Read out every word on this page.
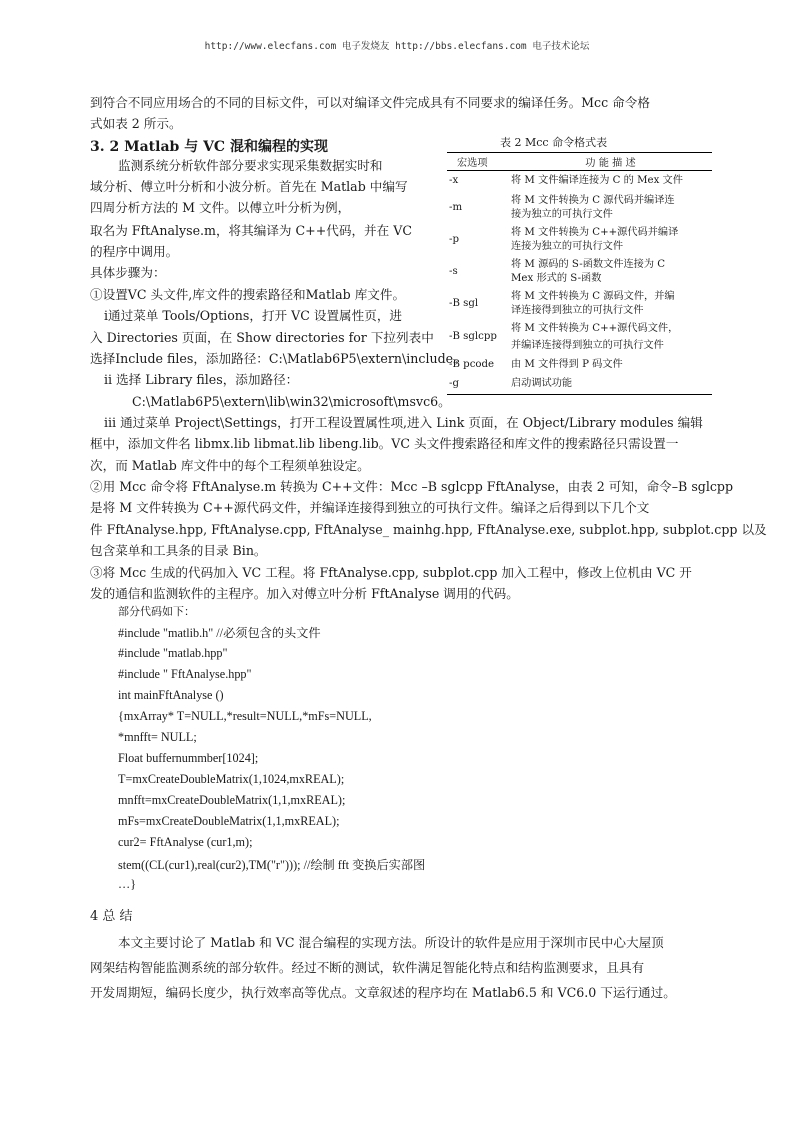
http://www.elecfans.com 电子发烧友 http://bbs.elecfans.com 电子技术论坛
到符合不同应用场合的不同的目标文件，可以对编译文件完成具有不同要求的编译任务。Mcc 命令格
式如表 2 所示。
3. 2 Matlab 与 VC 混和编程的实现
监测系统分析软件部分要求实现采集数据实时和
域分析、傅立叶分析和小波分析。首先在 Matlab 中编写
四周分析方法的 M 文件。以傅立叶分析为例，
取名为 FftAnalyse.m，将其编译为 C++代码，并在 VC
的程序中调用。
具体步骤为：
①设置VC 头文件,库文件的搜索路径和Matlab 库文件。
ⅰ通过菜单 Tools/Options，打开 VC 设置属性页，进
入 Directories 页面，在 Show directories for 下拉列表中
选择Include files，添加路径：C:\Matlab6P5\extern\include。
ⅱ 选择 Library files，添加路径：
C:\Matlab6P5\extern\lib\win32\microsoft\msvc6。
表 2 Mcc 命令格式表
宏选项	功 能 描 述
-x	将 M 文件编译连接为 C 的 Mex 文件
-m	将 M 文件转换为 C 源代码并编译连
接为独立的可执行文件

-p	将 M 文件转换为 C++源代码并编译
连接为独立的可执行文件

-s	将 M 源码的 S-函数文件连接为 C
Mex 形式的 S-函数

-B sgl	将 M 文件转换为 C 源码文件，并编
译连接得到独立的可执行文件

-B sglcpp	将 M 文件转换为 C++源代码文件，
并编译连接得到独立的可执行文件

-B pcode	由 M 文件得到 P 码文件
-g	启动调试功能
ⅲ 通过菜单 Project\Settings，打开工程设置属性项,进入 Link 页面，在 Object/Library modules 编辑
框中，添加文件名 libmx.lib libmat.lib libeng.lib。VC 头文件搜索路径和库文件的搜索路径只需设置一
次，而 Matlab 库文件中的每个工程须单独设定。
②用 Mcc 命令将 FftAnalyse.m 转换为 C++文件：Mcc –B sglcpp FftAnalyse，由表 2 可知，命令–B sglcpp
是将 M 文件转换为 C++源代码文件，并编译连接得到独立的可执行文件。编译之后得到以下几个文
件 FftAnalyse.hpp, FftAnalyse.cpp, FftAnalyse_ mainhg.hpp, FftAnalyse.exe, subplot.hpp, subplot.cpp 以及
包含菜单和工具条的目录 Bin。
③将 Mcc 生成的代码加入 VC 工程。将 FftAnalyse.cpp, subplot.cpp 加入工程中，修改上位机由 VC 开
发的通信和监测软件的主程序。加入对傅立叶分析 FftAnalyse 调用的代码。
部分代码如下：
#include "matlib.h" //必须包含的头文件
#include "matlab.hpp"
#include " FftAnalyse.hpp"
int mainFftAnalyse ()
{mxArray* T=NULL,*result=NULL,*mFs=NULL,
*mnfft= NULL;
Float buffernummber[1024];
T=mxCreateDoubleMatrix(1,1024,mxREAL);
mnfft=mxCreateDoubleMatrix(1,1,mxREAL);
mFs=mxCreateDoubleMatrix(1,1,mxREAL);
cur2= FftAnalyse (cur1,m);
stem((CL(cur1),real(cur2),TM("r"))); //绘制 fft 变换后实部图
…}
4 总 结
本文主要讨论了 Matlab 和 VC 混合编程的实现方法。所设计的软件是应用于深圳市民中心大屋顶
网架结构智能监测系统的部分软件。经过不断的测试，软件满足智能化特点和结构监测要求，且具有
开发周期短，编码长度少，执行效率高等优点。文章叙述的程序均在 Matlab6.5 和 VC6.0 下运行通过。
